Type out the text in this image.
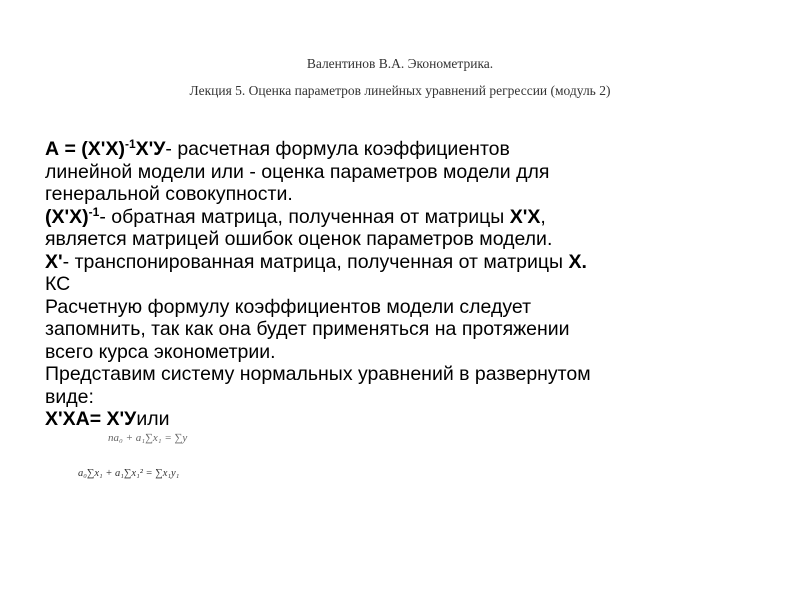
Валентинов В.А. Эконометрика.
Лекция 5. Оценка параметров линейных уравнений регрессии (модуль 2)
$А = (Х'Х)^{-1}Х'У-$ расчетная формула коэффициентов
линейной модели или - оценка параметров модели для
генеральной совокупности.
$(Х'Х)^{-1}-$ обратная матрица, полученная от матрицы Х'Х,
является матрицей ошибок оценок параметров модели.
Х'- транспонированная матрица, полученная от матрицы Х.
КС
Расчетную формулу коэффициентов модели следует
запомнить, так как она будет применяться на протяжении
всего курса эконометрии.
Представим систему нормальных уравнений в развернутом
виде:
Х'ХА= Х'Уили
na₀ + a₁∑x₁ = ∑y
a₀∑x₁ + a₁∑x₁² = ∑x₁y₁
